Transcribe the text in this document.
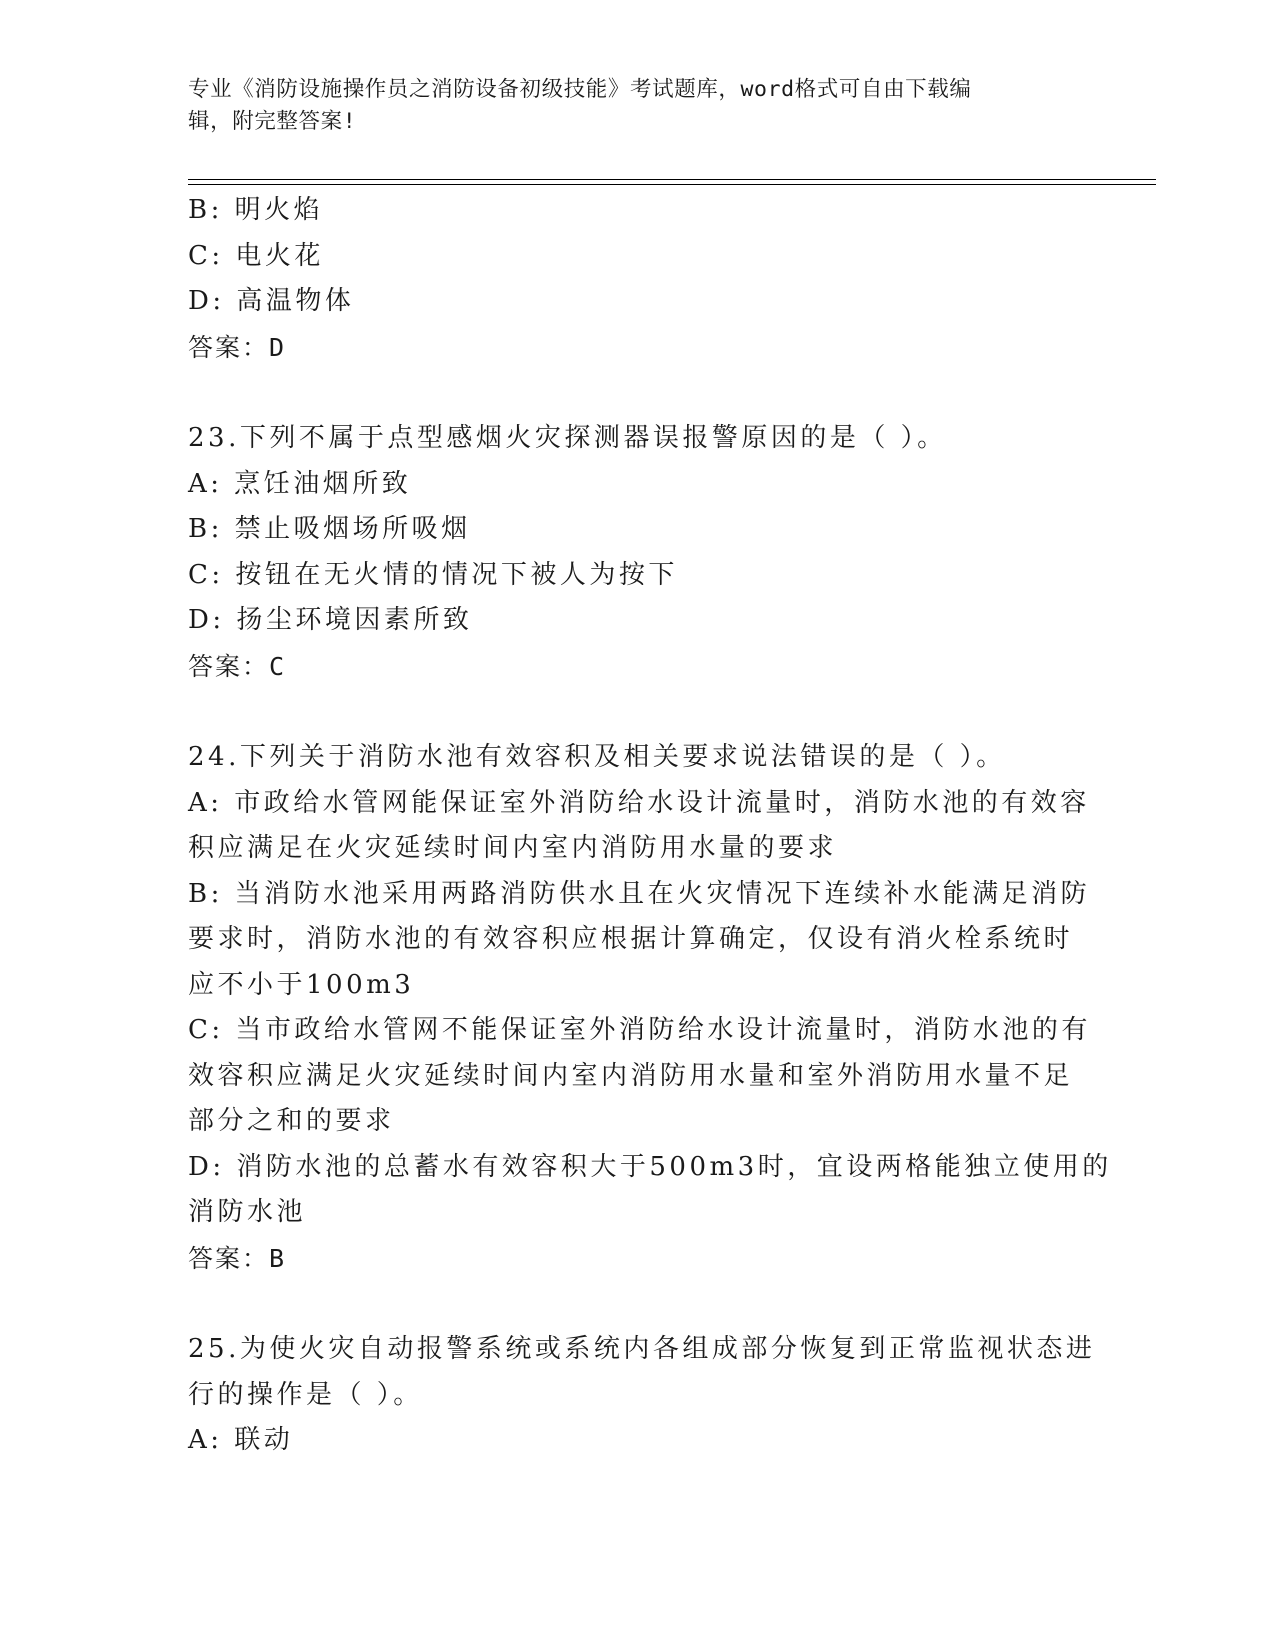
专业《消防设施操作员之消防设备初级技能》考试题库，word格式可自由下载编
辑，附完整答案!
B: 明火焰
C: 电火花
D: 高温物体
答案：D
23.下列不属于点型感烟火灾探测器误报警原因的是（ ）。
A: 烹饪油烟所致
B: 禁止吸烟场所吸烟
C: 按钮在无火情的情况下被人为按下
D: 扬尘环境因素所致
答案：C
24.下列关于消防水池有效容积及相关要求说法错误的是（ ）。
A: 市政给水管网能保证室外消防给水设计流量时，消防水池的有效容
积应满足在火灾延续时间内室内消防用水量的要求
B: 当消防水池采用两路消防供水且在火灾情况下连续补水能满足消防
要求时，消防水池的有效容积应根据计算确定，仅设有消火栓系统时
应不小于100m3
C: 当市政给水管网不能保证室外消防给水设计流量时，消防水池的有
效容积应满足火灾延续时间内室内消防用水量和室外消防用水量不足
部分之和的要求
D: 消防水池的总蓄水有效容积大于500m3时，宜设两格能独立使用的
消防水池
答案：B
25.为使火灾自动报警系统或系统内各组成部分恢复到正常监视状态进
行的操作是（ ）。
A: 联动
